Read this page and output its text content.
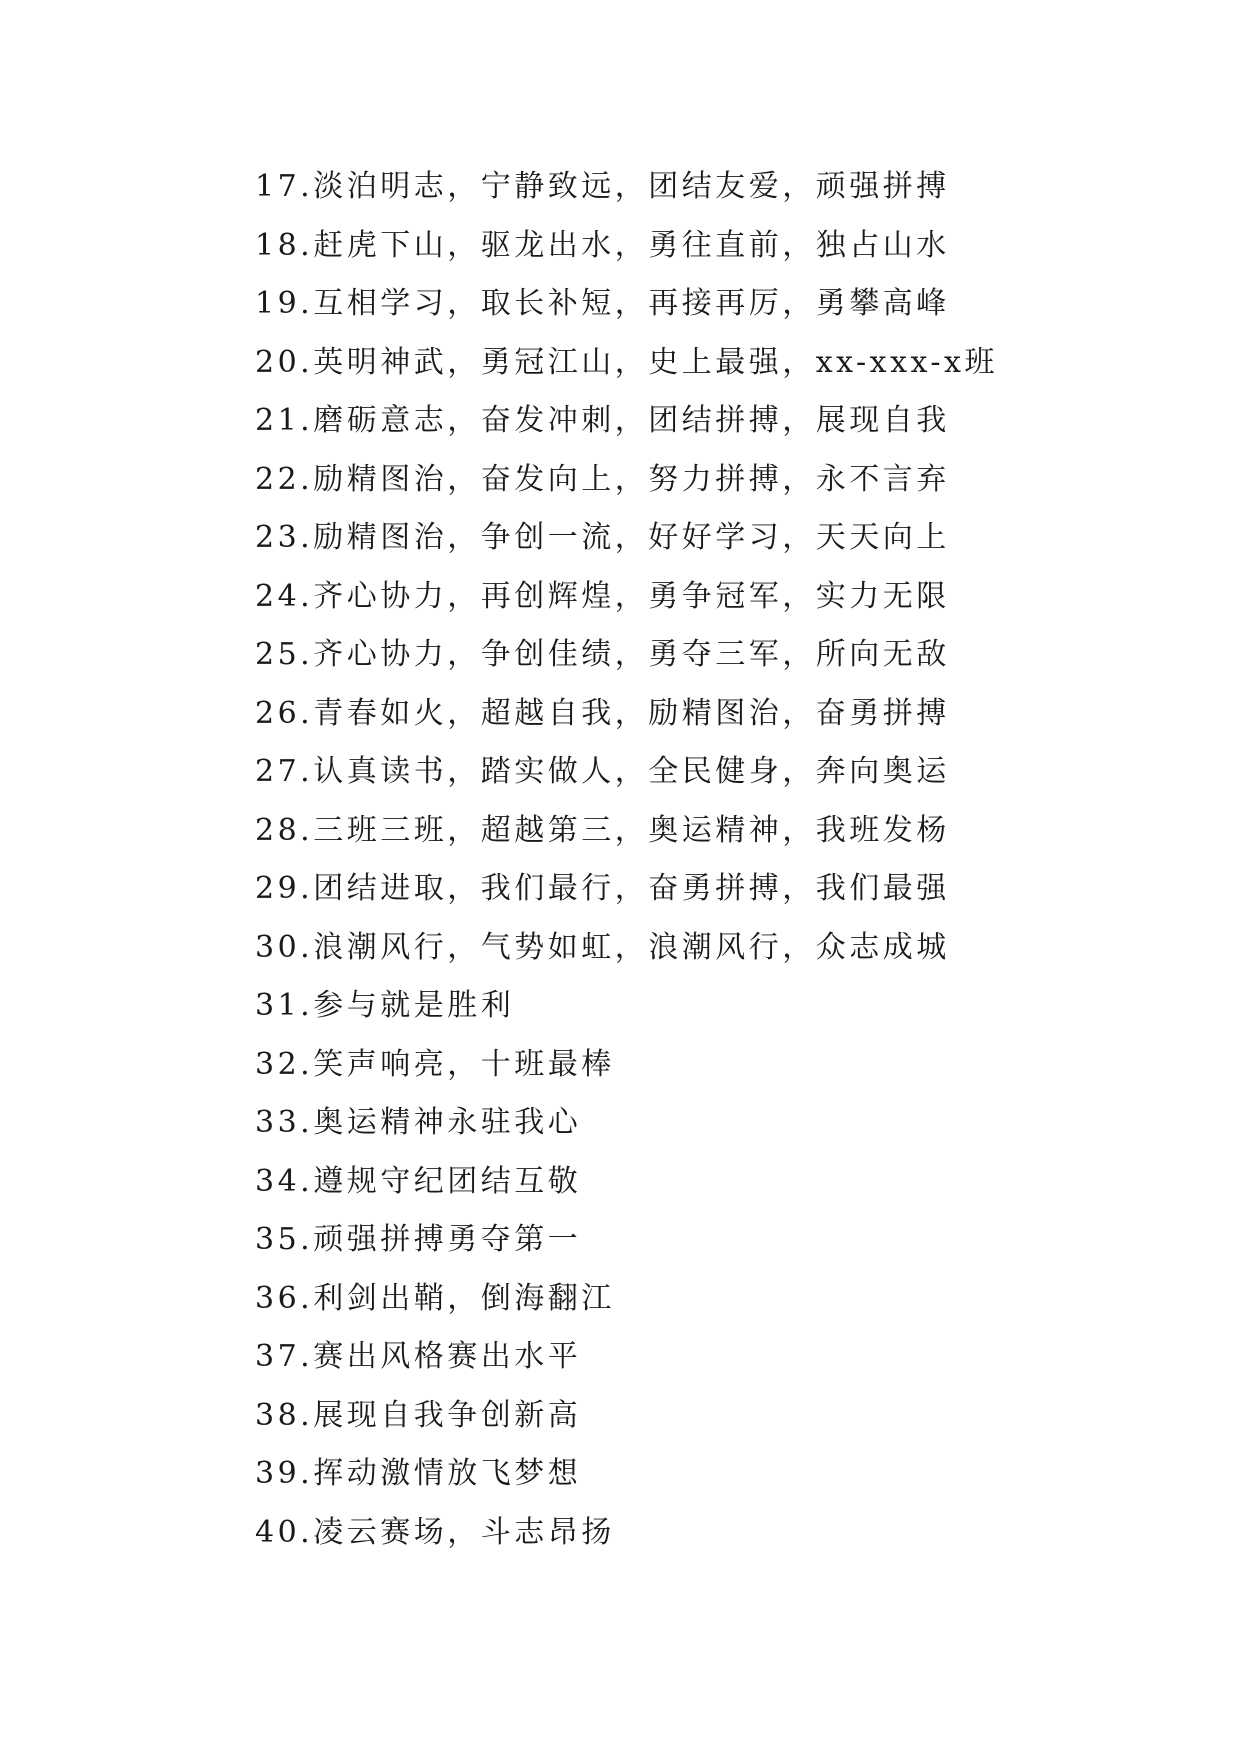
17.淡泊明志，宁静致远，团结友爱，顽强拼搏
18.赶虎下山，驱龙出水，勇往直前，独占山水
19.互相学习，取长补短，再接再厉，勇攀高峰
20.英明神武，勇冠江山，史上最强，xx-xxx-x班
21.磨砺意志，奋发冲刺，团结拼搏，展现自我
22.励精图治，奋发向上，努力拼搏，永不言弃
23.励精图治，争创一流，好好学习，天天向上
24.齐心协力，再创辉煌，勇争冠军，实力无限
25.齐心协力，争创佳绩，勇夺三军，所向无敌
26.青春如火，超越自我，励精图治，奋勇拼搏
27.认真读书，踏实做人，全民健身，奔向奥运
28.三班三班，超越第三，奥运精神，我班发杨
29.团结进取，我们最行，奋勇拼搏，我们最强
30.浪潮风行，气势如虹，浪潮风行，众志成城
31.参与就是胜利
32.笑声响亮，十班最棒
33.奥运精神永驻我心
34.遵规守纪团结互敬
35.顽强拼搏勇夺第一
36.利剑出鞘，倒海翻江
37.赛出风格赛出水平
38.展现自我争创新高
39.挥动激情放飞梦想
40.凌云赛场，斗志昂扬
